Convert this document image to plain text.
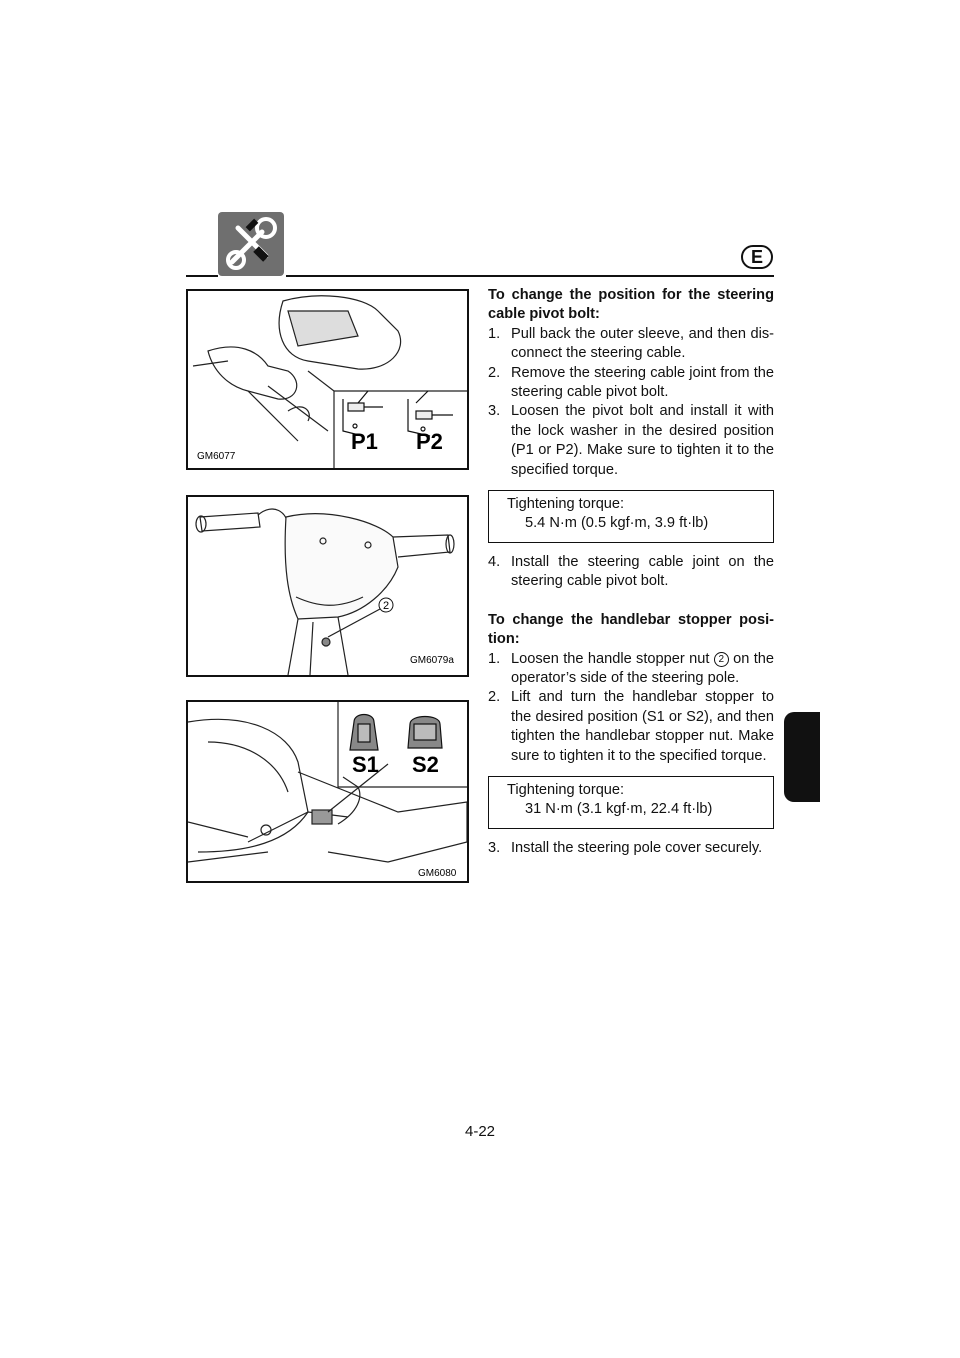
E
P1 P2
GM6077
2
GM6079a
S1 S2
GM6080

To change the position for the steering cable pivot bolt:

1. Pull back the outer sleeve, and then dis-connect the steering cable.
2. Remove the steering cable joint from the steering cable pivot bolt.
3. Loosen the pivot bolt and install it with the lock washer in the desired position (P1 or P2). Make sure to tighten it to the specified torque.
Tightening torque:
5.4 N·m (0.5 kgf·m, 3.9 ft·lb)
4. Install the steering cable joint on the steering cable pivot bolt.

To change the handlebar stopper posi-tion:

1. Loosen the handle stopper nut 2 on the operator’s side of the steering pole.
2. Lift and turn the handlebar stopper to the desired position (S1 or S2), and then tighten the handlebar stopper nut. Make sure to tighten it to the specified torque.
Tightening torque:
31 N·m (3.1 kgf·m, 22.4 ft·lb)
3. Install the steering pole cover securely.
4-22
